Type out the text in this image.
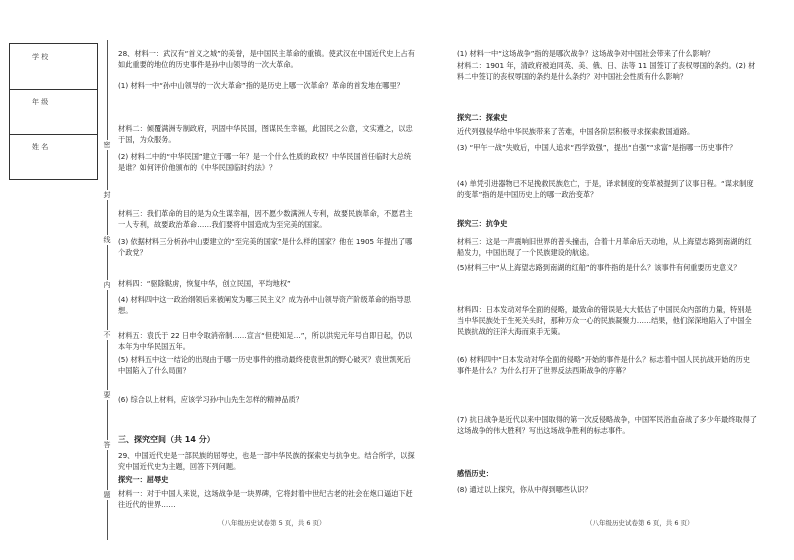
学 校
年 级
姓 名	密
封
线
内
不
要
答
题
28、材料一：武汉有“首义之城”的美誉，是中国民主革命的重镇。使武汉在中国近代史上占有如此重要的地位的历史事件是孙中山领导的一次大革命。
(1) 材料一中“孙中山领导的一次大革命”指的是历史上哪一次革命？革命的首发地在哪里？
材料二：倾覆满洲专制政府，巩固中华民国，图谋民生幸福，此国民之公意，文实遵之，以忠于国，为众服务。
(2) 材料二中的“中华民国”建立于哪一年？是一个什么性质的政权？中华民国首任临时大总统是谁？如何评价他颁布的《中华民国临时约法》？
材料三：我们革命的目的是为众生谋幸福，因不愿少数满洲人专利，故要民族革命，不愿君主一人专利，故要政治革命……我们要将中国造成为至完美的国家。
(3) 依据材料三分析孙中山要建立的“至完美的国家”是什么样的国家？他在 1905 年提出了哪个政党？
材料四：“驱除鞑虏，恢复中华，创立民国，平均地权”
(4) 材料四中这一政治纲领后来被阐发为哪三民主义？成为孙中山领导资产阶级革命的指导思想。
材料五：袁氏于 22 日申令取消帝制……宣言“但使知足…”，所以洪宪元年号自即日起，仍以本年为中华民国五年。
(5) 材料五中这一结论的出现由于哪一历史事件的推动最终使袁世凯的野心破灭？袁世凯死后中国陷入了什么局面？
(6) 综合以上材料，应该学习孙中山先生怎样的精神品质？
三、探究空间（共 14 分）
29、中国近代史是一部民族的屈辱史，也是一部中华民族的探索史与抗争史。结合所学，以探究中国近代史为主题，回答下列问题。
探究一：屈辱史
材料一：对于中国人来说，这场战争是一块界碑，它将封着中世纪古老的社会在炮口逼迫下赶往近代的世界……
（八年级历史试卷第 5 页，共 6 页）
(1) 材料一中“这场战争”指的是哪次战争？这场战争对中国社会带来了什么影响？
材料二：1901 年，清政府被迫同英、美、俄、日、法等 11 国签订了丧权辱国的条约。(2) 材料二中签订的丧权辱国的条约是什么条约？对中国社会性质有什么影响？
探究二：探索史
近代列强侵华给中华民族带来了苦难，中国各阶层积极寻求探索救国道路。
(3) “甲午一战”失败后，中国人追求“西学致强”，提出“自强”“求富”是指哪一历史事件？
(4) 单凭引进器物已不足挽救民族危亡，于是，译求制度的变革被提到了议事日程。“谋求制度的变革”指的是中国历史上的哪一政治变革？
探究三：抗争史
材料三：这是一声震响旧世界的普头撞击，合着十月革命后天动地，从上海望志路到南湖的红船发力，中国出现了一个民族建设的航途。
(5)材料三中“从上海望志路到南湖的红船”的事件指的是什么？该事件有何重要历史意义？
材料四：日本发动对华全面的侵略，最致命的错误是大大低估了中国民众内部的力量，特别是当中华民族处于生死关头时，那种万众一心的民族凝聚力……结果，他们深深地陷入了中国全民族抗战的汪洋大海而束手无策。
(6) 材料四中“日本发动对华全面的侵略”开始的事件是什么？标志着中国人民抗战开始的历史事件是什么？为什么打开了世界反法西斯战争的序幕？
(7) 抗日战争是近代以来中国取得的第一次反侵略战争，中国军民浴血奋战了多少年最终取得了这场战争的伟大胜利？写出这场战争胜利的标志事件。
感悟历史：
(8) 通过以上探究，你从中得到哪些认识？
（八年级历史试卷第 6 页，共 6 页）
